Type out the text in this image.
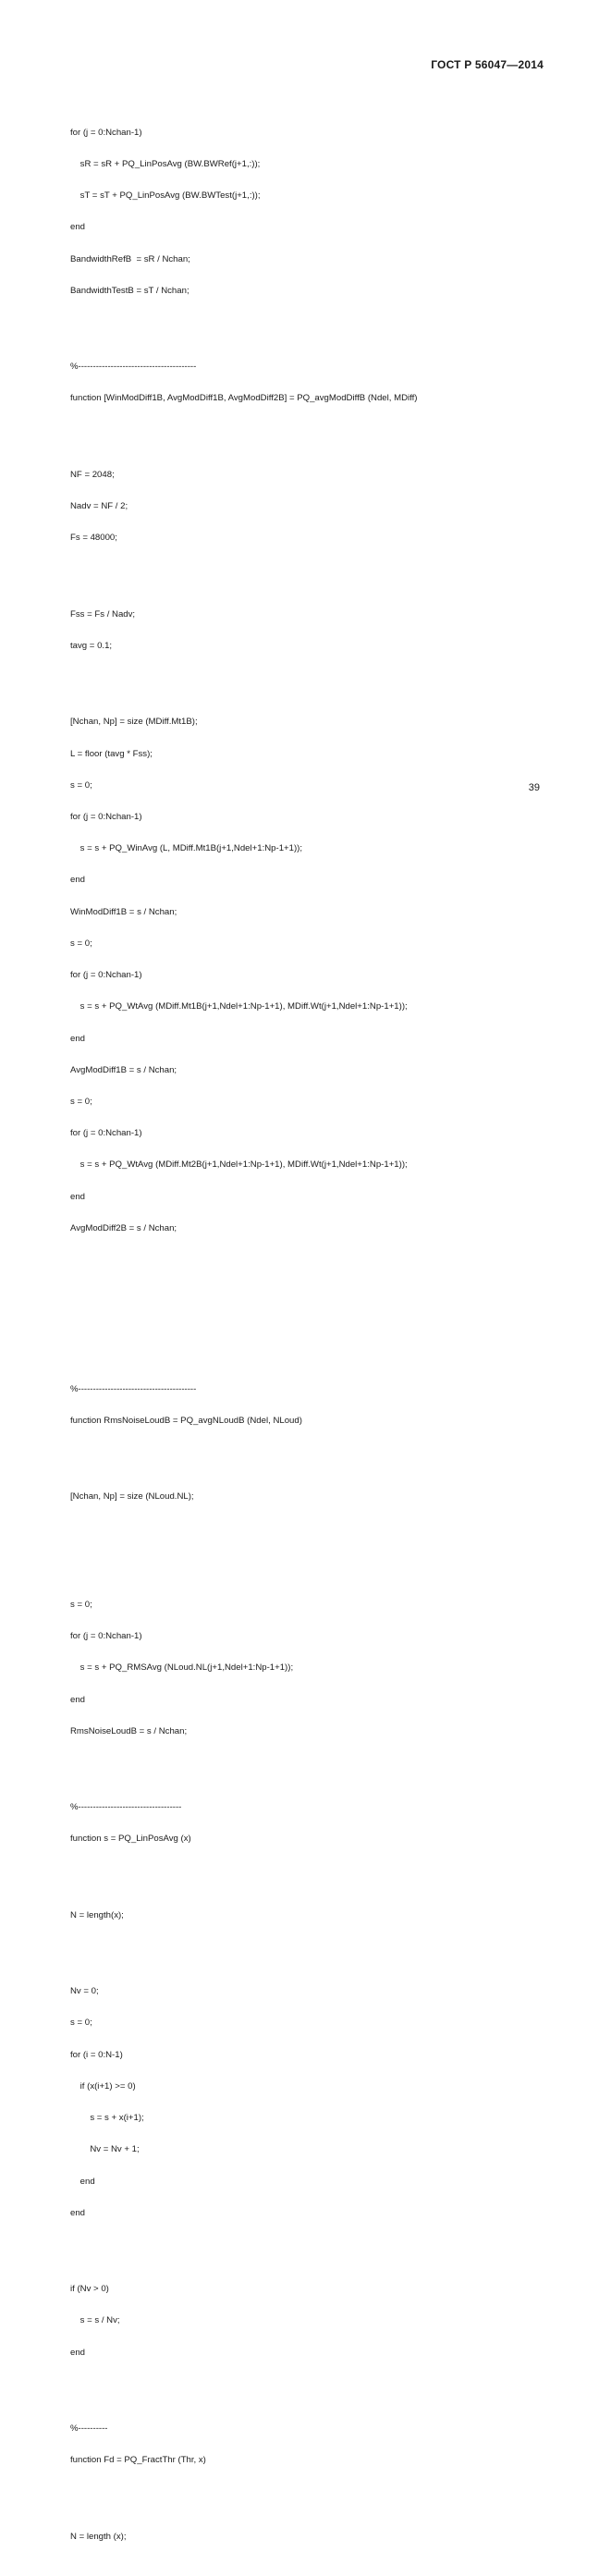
ГОСТ Р 56047—2014

for (j = 0:Nchan-1)

sR = sR + PQ_LinPosAvg (BW.BWRef(j+1,:));

sT = sT + PQ_LinPosAvg (BW.BWTest(j+1,:));

end

BandwidthRefB  = sR / Nchan;

BandwidthTestB = sT / Nchan;

%----------------------------------------

function [WinModDiff1B, AvgModDiff1B, AvgModDiff2B] = PQ_avgModDiffB (Ndel, MDiff)

NF = 2048;

Nadv = NF / 2;

Fs = 48000;

Fss = Fs / Nadv;

tavg = 0.1;

[Nchan, Np] = size (MDiff.Mt1B);

L = floor (tavg * Fss);

s = 0;

for (j = 0:Nchan-1)

s = s + PQ_WinAvg (L, MDiff.Mt1B(j+1,Ndel+1:Np-1+1));

end

WinModDiff1B = s / Nchan;

s = 0;

for (j = 0:Nchan-1)

s = s + PQ_WtAvg (MDiff.Mt1B(j+1,Ndel+1:Np-1+1), MDiff.Wt(j+1,Ndel+1:Np-1+1));

end

AvgModDiff1B = s / Nchan;

s = 0;

for (j = 0:Nchan-1)

s = s + PQ_WtAvg (MDiff.Mt2B(j+1,Ndel+1:Np-1+1), MDiff.Wt(j+1,Ndel+1:Np-1+1));

end

AvgModDiff2B = s / Nchan;

%----------------------------------------

function RmsNoiseLoudB = PQ_avgNLoudB (Ndel, NLoud)

[Nchan, Np] = size (NLoud.NL);

s = 0;

for (j = 0:Nchan-1)

s = s + PQ_RMSAvg (NLoud.NL(j+1,Ndel+1:Np-1+1));

end

RmsNoiseLoudB = s / Nchan;

%-----------------------------------

function s = PQ_LinPosAvg (x)

N = length(x);

Nv = 0;

s = 0;

for (i = 0:N-1)

if (x(i+1) >= 0)

s = s + x(i+1);

Nv = Nv + 1;

end

end

if (Nv > 0)

s = s / Nv;

end

%----------

function Fd = PQ_FractThr (Thr, x)

N = length (x);

39
